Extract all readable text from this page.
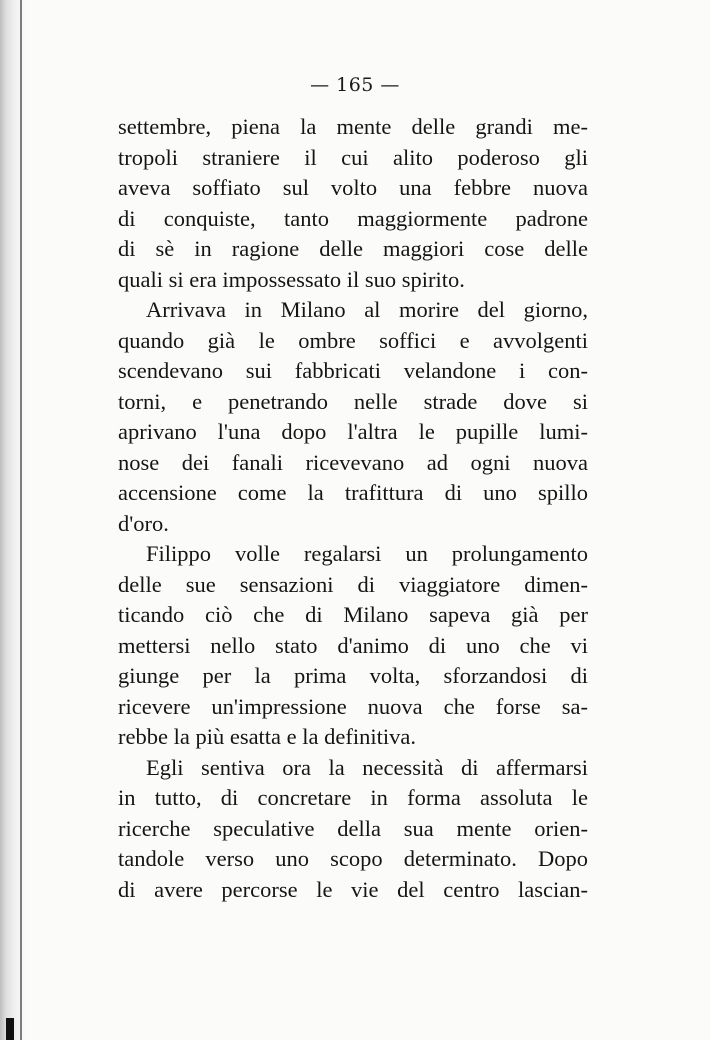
— 165 —
settembre, piena la mente delle grandi me-
tropoli straniere il cui alito poderoso gli
aveva soffiato sul volto una febbre nuova
di conquiste, tanto maggiormente padrone
di sè in ragione delle maggiori cose delle
quali si era impossessato il suo spirito.
Arrivava in Milano al morire del giorno,
quando già le ombre soffici e avvolgenti
scendevano sui fabbricati velandone i con-
torni, e penetrando nelle strade dove si
aprivano l'una dopo l'altra le pupille lumi-
nose dei fanali ricevevano ad ogni nuova
accensione come la trafittura di uno spillo
d'oro.
Filippo volle regalarsi un prolungamento
delle sue sensazioni di viaggiatore dimen-
ticando ciò che di Milano sapeva già per
mettersi nello stato d'animo di uno che vi
giunge per la prima volta, sforzandosi di
ricevere un'impressione nuova che forse sa-
rebbe la più esatta e la definitiva.
Egli sentiva ora la necessità di affermarsi
in tutto, di concretare in forma assoluta le
ricerche speculative della sua mente orien-
tandole verso uno scopo determinato. Dopo
di avere percorse le vie del centro lascian-
